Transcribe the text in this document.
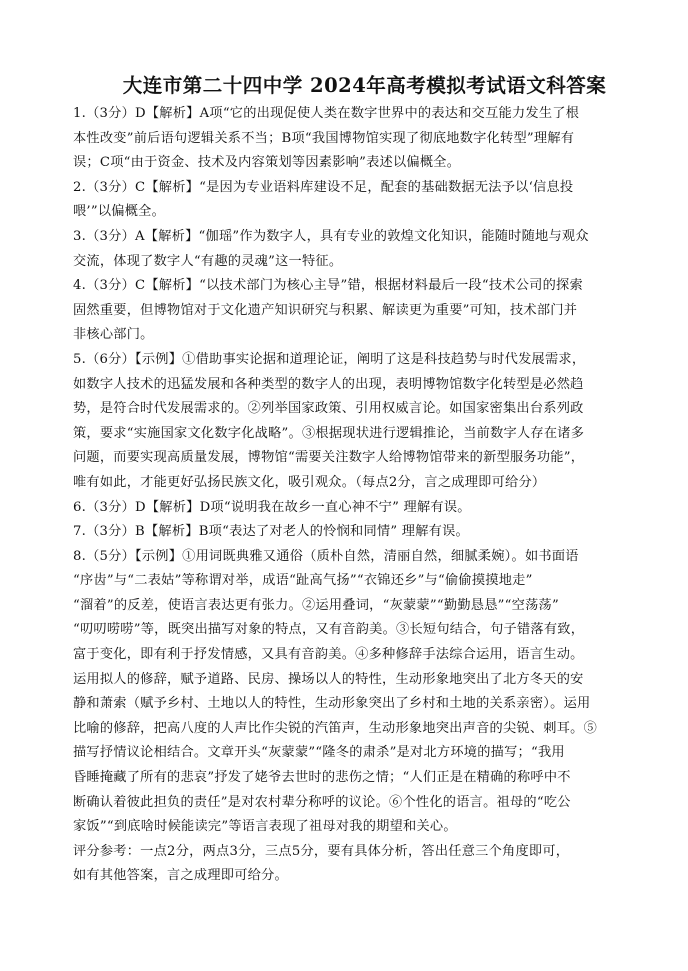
大连市第二十四中学 2024年高考模拟考试语文科答案
1.（3分）D【解析】A项“它的出现促使人类在数字世界中的表达和交互能力发生了根
本性改变”前后语句逻辑关系不当；B项“我国博物馆实现了彻底地数字化转型”理解有
误；C项“由于资金、技术及内容策划等因素影响”表述以偏概全。
2.（3分）C【解析】“是因为专业语料库建设不足，配套的基础数据无法予以‘信息投
喂’”以偏概全。
3.（3分）A【解析】“伽瑶”作为数字人，具有专业的敦煌文化知识，能随时随地与观众
交流，体现了数字人“有趣的灵魂”这一特征。
4.（3分）C【解析】“以技术部门为核心主导”错，根据材料最后一段“技术公司的探索
固然重要，但博物馆对于文化遗产知识研究与积累、解读更为重要”可知，技术部门并
非核心部门。
5.（6分）【示例】①借助事实论据和道理论证，阐明了这是科技趋势与时代发展需求，
如数字人技术的迅猛发展和各种类型的数字人的出现，表明博物馆数字化转型是必然趋
势，是符合时代发展需求的。②列举国家政策、引用权威言论。如国家密集出台系列政
策，要求“实施国家文化数字化战略”。③根据现状进行逻辑推论，当前数字人存在诸多
问题，而要实现高质量发展，博物馆“需要关注数字人给博物馆带来的新型服务功能”，
唯有如此，才能更好弘扬民族文化，吸引观众。（每点2分，言之成理即可给分）
6.（3分）D【解析】D项“说明我在故乡一直心神不宁” 理解有误。
7.（3分）B【解析】B项“表达了对老人的怜悯和同情” 理解有误。
8.（5分）【示例】①用词既典雅又通俗（质朴自然，清丽自然，细腻柔婉）。如书面语
“序齿”与“二表姑”等称谓对举，成语“趾高气扬”“衣锦还乡”与“偷偷摸摸地走”
“溜着”的反差，使语言表达更有张力。②运用叠词，“灰蒙蒙”“勤勤恳恳”“空荡荡”
“叨叨唠唠”等，既突出描写对象的特点，又有音韵美。③长短句结合，句子错落有致，
富于变化，即有利于抒发情感，又具有音韵美。④多种修辞手法综合运用，语言生动。
运用拟人的修辞，赋予道路、民房、操场以人的特性，生动形象地突出了北方冬天的安
静和萧索（赋予乡村、土地以人的特性，生动形象突出了乡村和土地的关系亲密）。运用
比喻的修辞，把高八度的人声比作尖锐的汽笛声，生动形象地突出声音的尖锐、刺耳。⑤
描写抒情议论相结合。文章开头“灰蒙蒙”“隆冬的肃杀”是对北方环境的描写；“我用
昏睡掩藏了所有的悲哀”抒发了姥爷去世时的悲伤之情；“人们正是在精确的称呼中不
断确认着彼此担负的责任”是对农村辈分称呼的议论。⑥个性化的语言。祖母的“吃公
家饭”“到底啥时候能读完”等语言表现了祖母对我的期望和关心。
评分参考：一点2分，两点3分，三点5分，要有具体分析，答出任意三个角度即可，
如有其他答案，言之成理即可给分。
